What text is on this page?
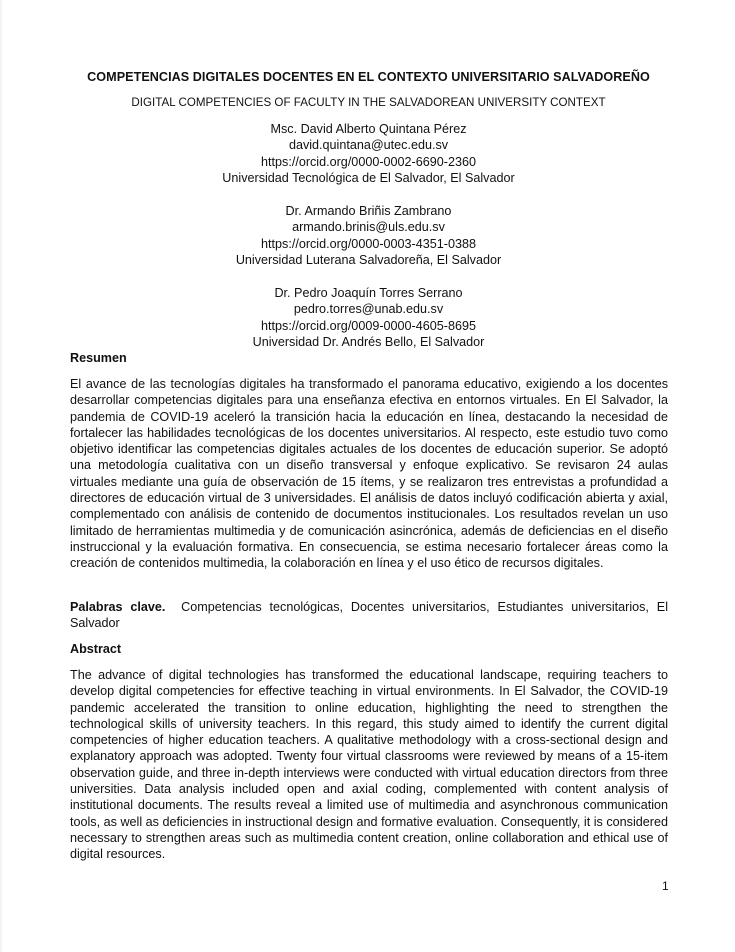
COMPETENCIAS DIGITALES DOCENTES EN EL CONTEXTO UNIVERSITARIO SALVADOREÑO
DIGITAL COMPETENCIES OF FACULTY IN THE SALVADOREAN UNIVERSITY CONTEXT
Msc. David Alberto Quintana Pérez
david.quintana@utec.edu.sv
https://orcid.org/0000-0002-6690-2360
Universidad Tecnológica de El Salvador, El Salvador
Dr. Armando Briñis Zambrano
armando.brinis@uls.edu.sv
https://orcid.org/0000-0003-4351-0388
Universidad Luterana Salvadoreña, El Salvador
Dr. Pedro Joaquín Torres Serrano
pedro.torres@unab.edu.sv
https://orcid.org/0009-0000-4605-8695
Universidad Dr. Andrés Bello, El Salvador
Resumen
El avance de las tecnologías digitales ha transformado el panorama educativo, exigiendo a los docentes desarrollar competencias digitales para una enseñanza efectiva en entornos virtuales. En El Salvador, la pandemia de COVID-19 aceleró la transición hacia la educación en línea, destacando la necesidad de fortalecer las habilidades tecnológicas de los docentes universitarios. Al respecto, este estudio tuvo como objetivo identificar las competencias digitales actuales de los docentes de educación superior. Se adoptó una metodología cualitativa con un diseño transversal y enfoque explicativo. Se revisaron 24 aulas virtuales mediante una guía de observación de 15 ítems, y se realizaron tres entrevistas a profundidad a directores de educación virtual de 3 universidades. El análisis de datos incluyó codificación abierta y axial, complementado con análisis de contenido de documentos institucionales. Los resultados revelan un uso limitado de herramientas multimedia y de comunicación asincrónica, además de deficiencias en el diseño instruccional y la evaluación formativa. En consecuencia, se estima necesario fortalecer áreas como la creación de contenidos multimedia, la colaboración en línea y el uso ético de recursos digitales.
Palabras clave. Competencias tecnológicas, Docentes universitarios, Estudiantes universitarios, El Salvador
Abstract
The advance of digital technologies has transformed the educational landscape, requiring teachers to develop digital competencies for effective teaching in virtual environments. In El Salvador, the COVID-19 pandemic accelerated the transition to online education, highlighting the need to strengthen the technological skills of university teachers. In this regard, this study aimed to identify the current digital competencies of higher education teachers. A qualitative methodology with a cross-sectional design and explanatory approach was adopted. Twenty four virtual classrooms were reviewed by means of a 15-item observation guide, and three in-depth interviews were conducted with virtual education directors from three universities. Data analysis included open and axial coding, complemented with content analysis of institutional documents. The results reveal a limited use of multimedia and asynchronous communication tools, as well as deficiencies in instructional design and formative evaluation. Consequently, it is considered necessary to strengthen areas such as multimedia content creation, online collaboration and ethical use of digital resources.
1
